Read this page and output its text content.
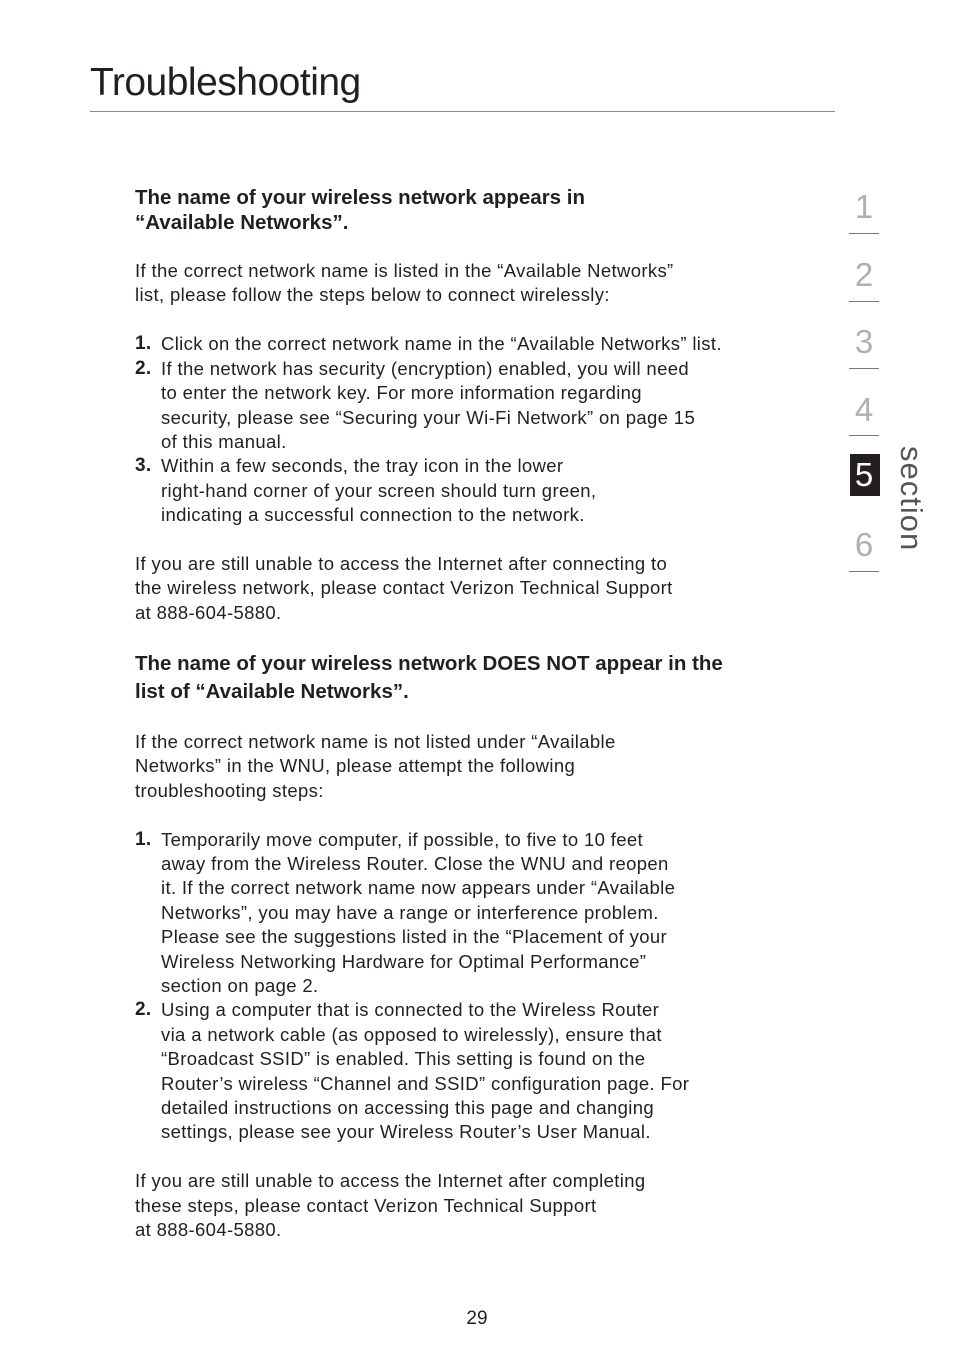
Troubleshooting

The name of your wireless network appears in
“Available Networks”.

If the correct network name is listed in the “Available Networks”
list, please follow the steps below to connect wirelessly:

1. Click on the correct network name in the “Available Networks” list.
2. If the network has security (encryption) enabled, you will need
to enter the network key. For more information regarding
security, please see “Securing your Wi-Fi Network” on page 15
of this manual.
3. Within a few seconds, the tray icon in the lower
right-hand corner of your screen should turn green,
indicating a successful connection to the network.

If you are still unable to access the Internet after connecting to
the wireless network, please contact Verizon Technical Support
at 888-604-5880.

The name of your wireless network DOES NOT appear in the
list of “Available Networks”.

If the correct network name is not listed under “Available
Networks” in the WNU, please attempt the following
troubleshooting steps:

1. Temporarily move computer, if possible, to five to 10 feet
away from the Wireless Router. Close the WNU and reopen
it. If the correct network name now appears under “Available
Networks”, you may have a range or interference problem.
Please see the suggestions listed in the “Placement of your
Wireless Networking Hardware for Optimal Performance”
section on page 2.
2. Using a computer that is connected to the Wireless Router
via a network cable (as opposed to wirelessly), ensure that
“Broadcast SSID” is enabled. This setting is found on the
Router’s wireless “Channel and SSID” configuration page. For
detailed instructions on accessing this page and changing
settings, please see your Wireless Router’s User Manual.

If you are still unable to access the Internet after completing
these steps, please contact Verizon Technical Support
at 888-604-5880.

1
2
3
4
5
6 section
29
